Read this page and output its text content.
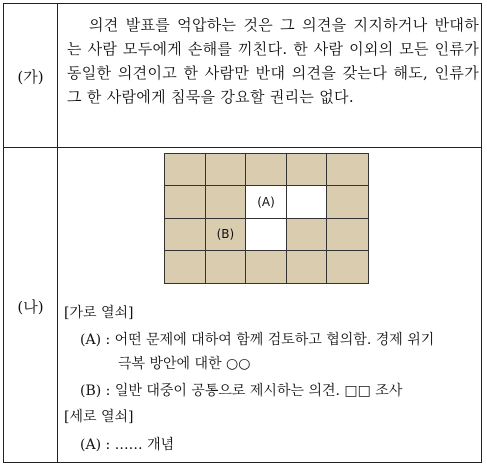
(가)
(나)
의견 발표를 억압하는 것은 그 의견을 지지하거나 반대하는 사람 모두에게 손해를 끼친다. 한 사람 이외의 모든 인류가 동일한 의견이고 한 사람만 반대 의견을 갖는다 해도, 인류가 그 한 사람에게 침묵을 강요할 권리는 없다.
(A)
(B)
[가로 열쇠]
(A) : 어떤 문제에 대하여 함께 검토하고 협의함. 경제 위기
극복 방안에 대한 ○○
(B) : 일반 대중이 공통으로 제시하는 의견. □□ 조사
[세로 열쇠]
(A) : …… 개념
